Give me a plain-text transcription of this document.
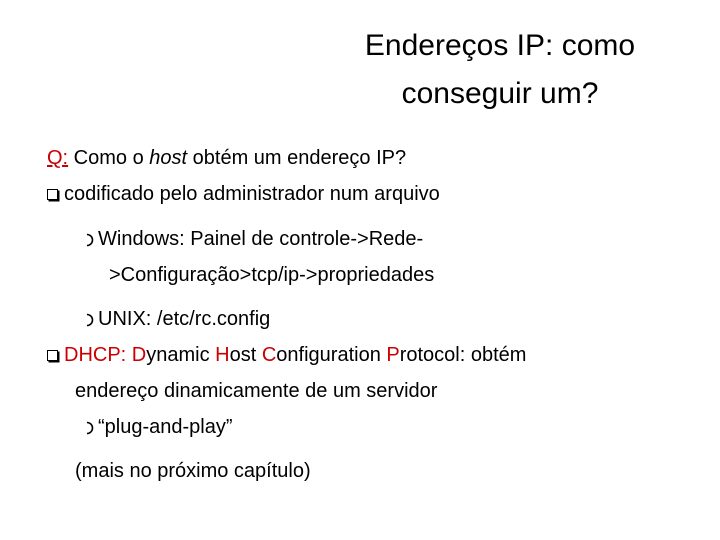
Endereços IP: como
conseguir um?
Q: Como o host obtém um endereço IP?
codificado pelo administrador num arquivo
Windows: Painel de controle->Rede-
>Configuração>tcp/ip->propriedades
UNIX: /etc/rc.config
DHCP: Dynamic Host Configuration Protocol: obtém
endereço dinamicamente de um servidor
“plug-and-play”
(mais no próximo capítulo)
